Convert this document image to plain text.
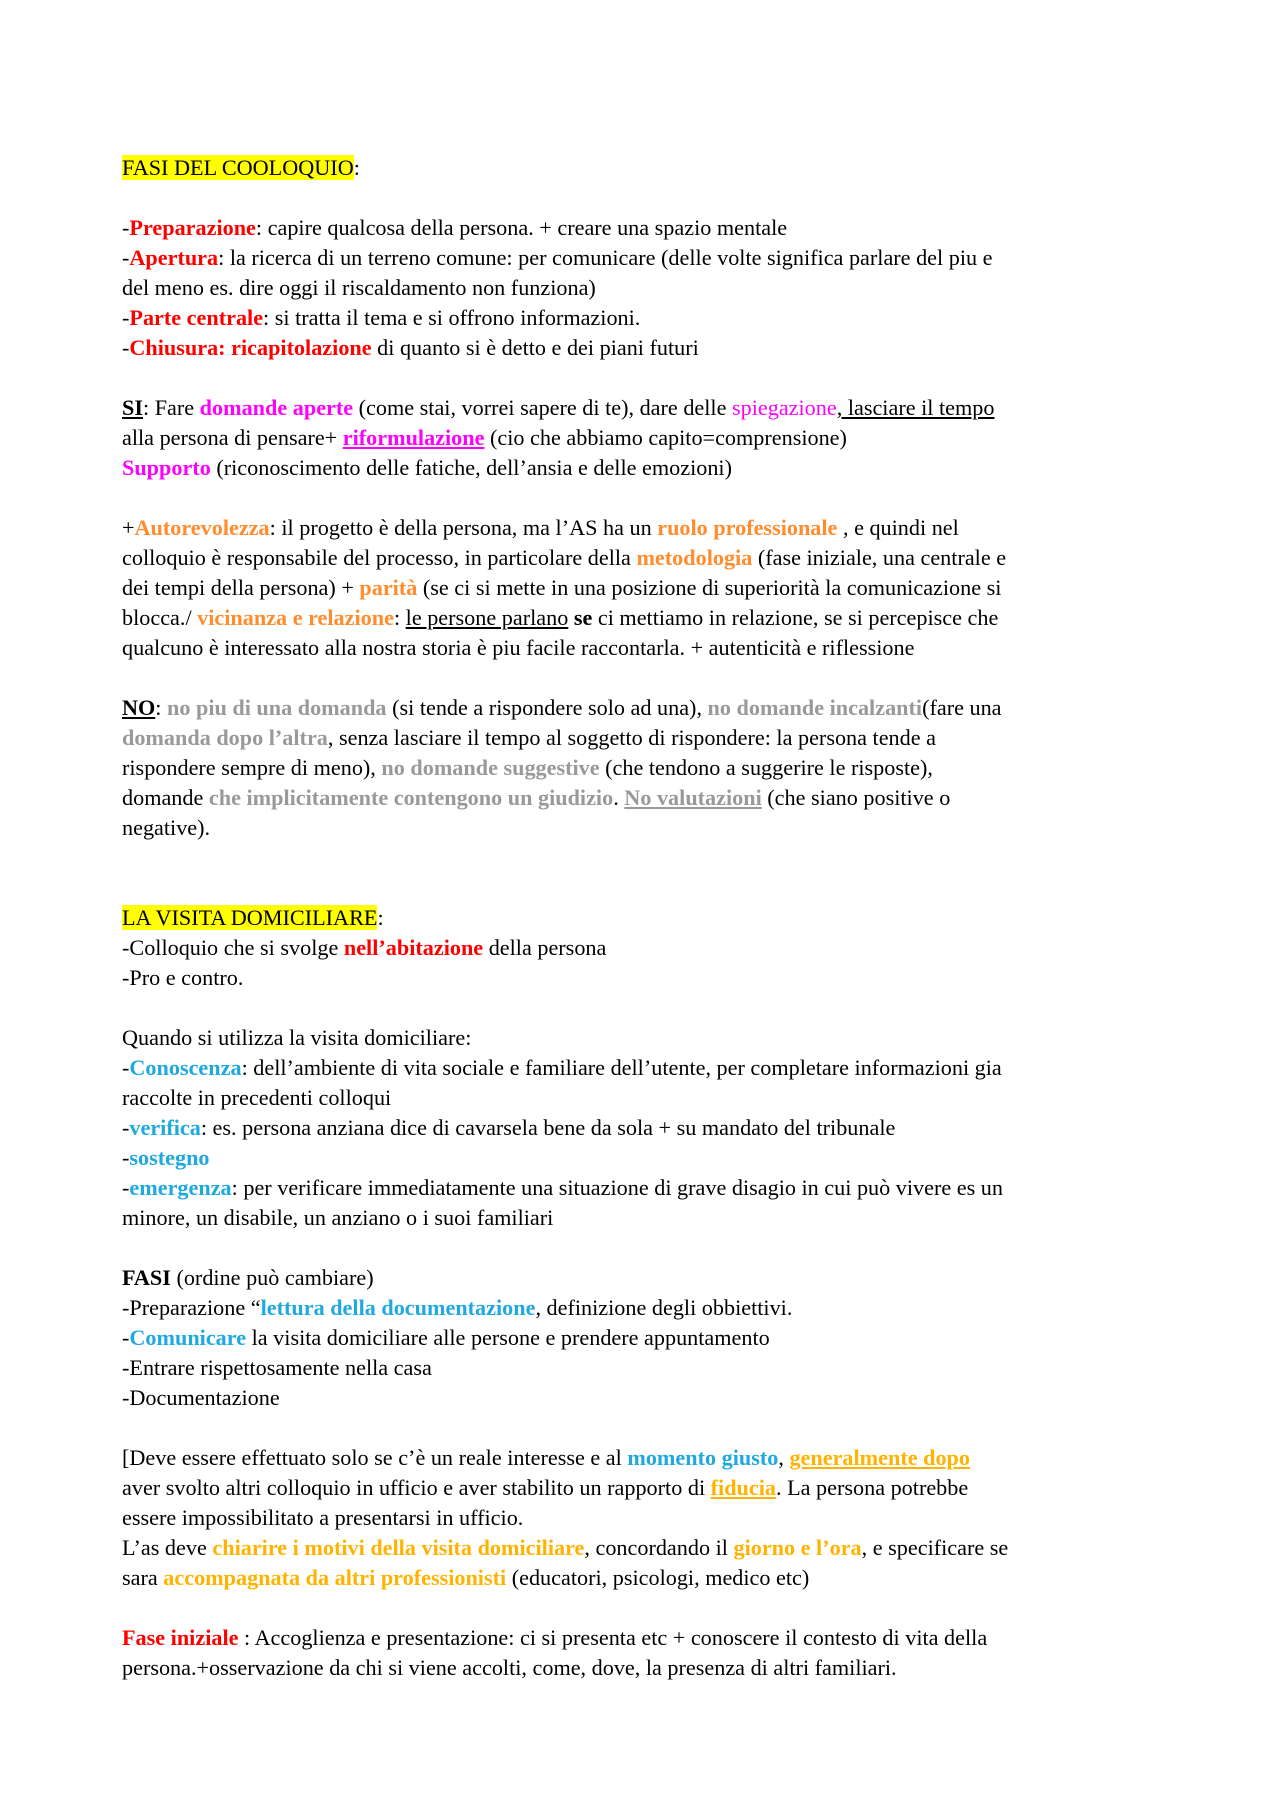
FASI DEL COOLOQUIO:

-Preparazione: capire qualcosa della persona. + creare una spazio mentale

-Apertura: la ricerca di un terreno comune: per comunicare (delle volte significa parlare del piu e

del meno es. dire oggi il riscaldamento non funziona)

-Parte centrale: si tratta il tema e si offrono informazioni.

-Chiusura: ricapitolazione di quanto si è detto e dei piani futuri

SI: Fare domande aperte (come stai, vorrei sapere di te), dare delle spiegazione, lasciare il tempo

alla persona di pensare+ riformulazione (cio che abbiamo capito=comprensione)

Supporto (riconoscimento delle fatiche, dell’ansia e delle emozioni)

+Autorevolezza: il progetto è della persona, ma l’AS ha un ruolo professionale , e quindi nel

colloquio è responsabile del processo, in particolare della metodologia (fase iniziale, una centrale e

dei tempi della persona) + parità (se ci si mette in una posizione di superiorità la comunicazione si

blocca./ vicinanza e relazione: le persone parlano se ci mettiamo in relazione, se si percepisce che

qualcuno è interessato alla nostra storia è piu facile raccontarla. + autenticità e riflessione

NO: no piu di una domanda (si tende a rispondere solo ad una), no domande incalzanti(fare una

domanda dopo l’altra, senza lasciare il tempo al soggetto di rispondere: la persona tende a

rispondere sempre di meno), no domande suggestive (che tendono a suggerire le risposte),

domande che implicitamente contengono un giudizio. No valutazioni (che siano positive o

negative).

LA VISITA DOMICILIARE:

-Colloquio che si svolge nell’abitazione della persona

-Pro e contro.

Quando si utilizza la visita domiciliare:

-Conoscenza: dell’ambiente di vita sociale e familiare dell’utente, per completare informazioni gia

raccolte in precedenti colloqui

-verifica: es. persona anziana dice di cavarsela bene da sola + su mandato del tribunale

-sostegno

-emergenza: per verificare immediatamente una situazione di grave disagio in cui può vivere es un

minore, un disabile, un anziano o i suoi familiari

FASI (ordine può cambiare)

-Preparazione “lettura della documentazione, definizione degli obbiettivi.

-Comunicare la visita domiciliare alle persone e prendere appuntamento

-Entrare rispettosamente nella casa

-Documentazione

[Deve essere effettuato solo se c’è un reale interesse e al momento giusto, generalmente dopo

aver svolto altri colloquio in ufficio e aver stabilito un rapporto di fiducia. La persona potrebbe

essere impossibilitato a presentarsi in ufficio.

L’as deve chiarire i motivi della visita domiciliare, concordando il giorno e l’ora, e specificare se

sara accompagnata da altri professionisti (educatori, psicologi, medico etc)

Fase iniziale : Accoglienza e presentazione: ci si presenta etc + conoscere il contesto di vita della

persona.+osservazione da chi si viene accolti, come, dove, la presenza di altri familiari.
